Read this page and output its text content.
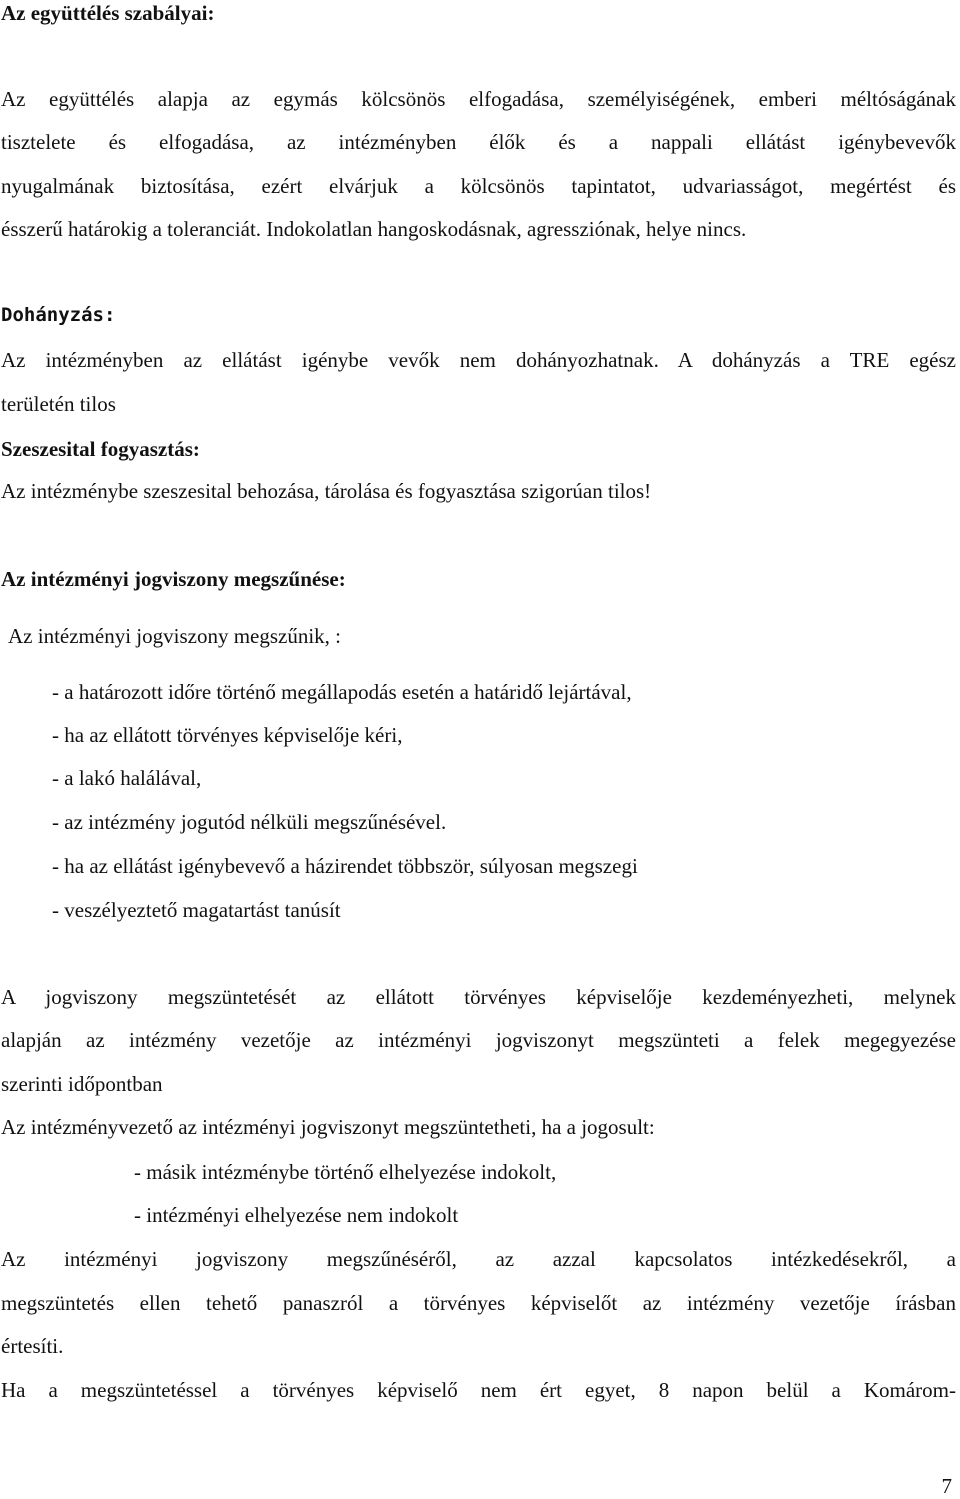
Az együttélés szabályai:
Az együttélés alapja az egymás kölcsönös elfogadása, személyiségének, emberi méltóságának
tisztelete és elfogadása, az intézményben élők és a nappali ellátást igénybevevők
nyugalmának biztosítása, ezért elvárjuk a kölcsönös tapintatot, udvariasságot, megértést és
ésszerű határokig a toleranciát. Indokolatlan hangoskodásnak, agressziónak, helye nincs.
Dohányzás:
Az intézményben az ellátást igénybe vevők nem dohányozhatnak. A dohányzás a TRE egész
területén tilos
Szeszesital fogyasztás:
Az intézménybe szeszesital behozása, tárolása és fogyasztása szigorúan tilos!
Az intézményi jogviszony megszűnése:
Az intézményi jogviszony megszűnik, :
- a határozott időre történő megállapodás esetén a határidő lejártával,
- ha az ellátott törvényes képviselője kéri,
- a lakó halálával,
- az intézmény jogutód nélküli megszűnésével.
- ha az ellátást igénybevevő a házirendet többször, súlyosan megszegi
- veszélyeztető magatartást tanúsít
A jogviszony megszüntetését az ellátott törvényes képviselője kezdeményezheti, melynek
alapján az intézmény vezetője az intézményi jogviszonyt megszünteti a felek megegyezése
szerinti időpontban
Az intézményvezető az intézményi jogviszonyt megszüntetheti, ha a jogosult:
- másik intézménybe történő elhelyezése indokolt,
- intézményi elhelyezése nem indokolt
Az intézményi jogviszony megszűnéséről, az azzal kapcsolatos intézkedésekről, a
megszüntetés ellen tehető panaszról a törvényes képviselőt az intézmény vezetője írásban
értesíti.
Ha a megszüntetéssel a törvényes képviselő nem ért egyet, 8 napon belül a Komárom-
7
